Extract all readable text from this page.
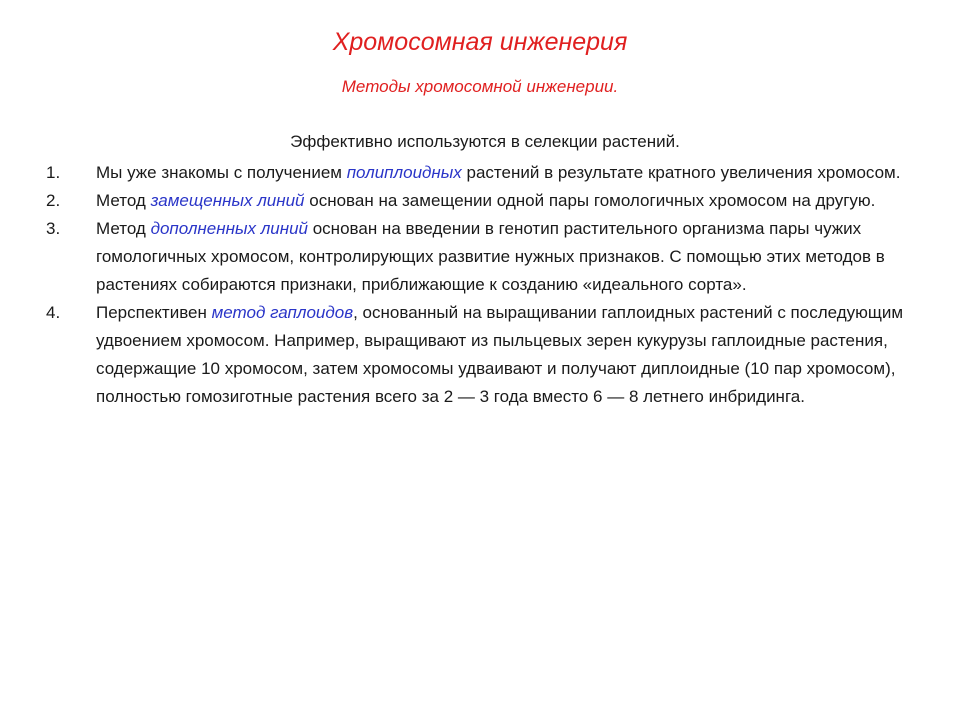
Хромосомная инженерия
Методы хромосомной инженерии.

Эффективно используются в селекции растений.

1. Мы уже знакомы с получением полиплоидных растений в результате кратного увеличения хромосом.
2. Метод замещенных линий основан на замещении одной пары гомологичных хромосом на другую.
3. Метод дополненных линий основан на введении в генотип растительного организма пары чужих гомологичных хромосом, контролирующих развитие нужных признаков. С помощью этих методов в растениях собираются признаки, приближающие к созданию «идеального сорта».
4. Перспективен метод гаплоидов, основанный на выращивании гаплоидных растений с последующим удвоением хромосом. Например, выращивают из пыльцевых зерен кукурузы гаплоидные растения, содержащие 10 хромосом, затем хромосомы удваивают и получают диплоидные (10 пар хромосом), полностью гомозиготные растения всего за 2 — 3 года вместо 6 — 8 летнего инбридинга.
